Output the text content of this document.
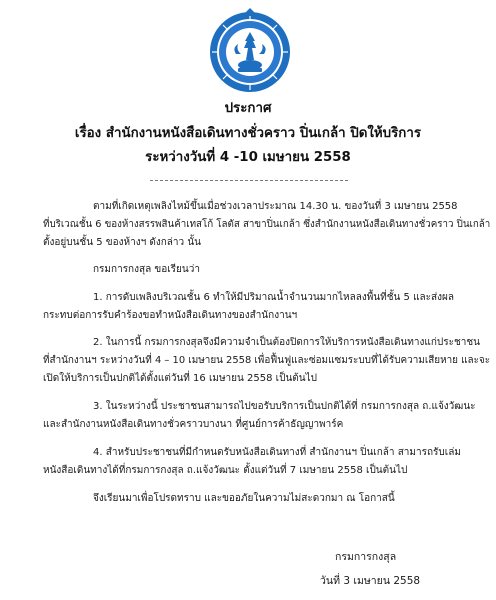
ประกาศ
เรื่อง สำนักงานหนังสือเดินทางชั่วคราว ปิ่นเกล้า ปิดให้บริการ
ระหว่างวันที่ 4 -10 เมษายน 2558
ตามที่เกิดเหตุเพลิงไหม้ขึ้นเมื่อช่วงเวลาประมาณ 14.30 น. ของวันที่ 3 เมษายน 2558
ที่บริเวณชั้น 6 ของห้างสรรพสินค้าเทสโก้ โลตัส สาขาปิ่นเกล้า ซึ่งสำนักงานหนังสือเดินทางชั่วคราว ปิ่นเกล้า
ตั้งอยู่บนชั้น 5 ของห้างฯ ดังกล่าว นั้น
กรมการกงสุล ขอเรียนว่า
1. การดับเพลิงบริเวณชั้น 6 ทำให้มีปริมาณน้ำจำนวนมากไหลลงพื้นที่ชั้น 5 และส่งผล
กระทบต่อการรับคำร้องขอทำหนังสือเดินทางของสำนักงานฯ
2. ในการนี้ กรมการกงสุลจึงมีความจำเป็นต้องปิดการให้บริการหนังสือเดินทางแก่ประชาชน
ที่สำนักงานฯ ระหว่างวันที่ 4 – 10 เมษายน 2558 เพื่อฟื้นฟูและซ่อมแซมระบบที่ได้รับความเสียหาย และจะ
เปิดให้บริการเป็นปกติได้ตั้งแต่วันที่ 16 เมษายน 2558 เป็นต้นไป
3. ในระหว่างนี้ ประชาชนสามารถไปขอรับบริการเป็นปกติได้ที่ กรมการกงสุล ถ.แจ้งวัฒนะ
และสำนักงานหนังสือเดินทางชั่วคราวบางนา ที่ศูนย์การค้าธัญญาพาร์ค
4. สำหรับประชาชนที่มีกำหนดรับหนังสือเดินทางที่ สำนักงานฯ ปิ่นเกล้า สามารถรับเล่ม
หนังสือเดินทางได้ที่กรมการกงสุล ถ.แจ้งวัฒนะ ตั้งแต่วันที่ 7 เมษายน 2558 เป็นต้นไป
จึงเรียนมาเพื่อโปรดทราบ และขออภัยในความไม่สะดวกมา ณ โอกาสนี้
กรมการกงสุล
วันที่ 3 เมษายน 2558
